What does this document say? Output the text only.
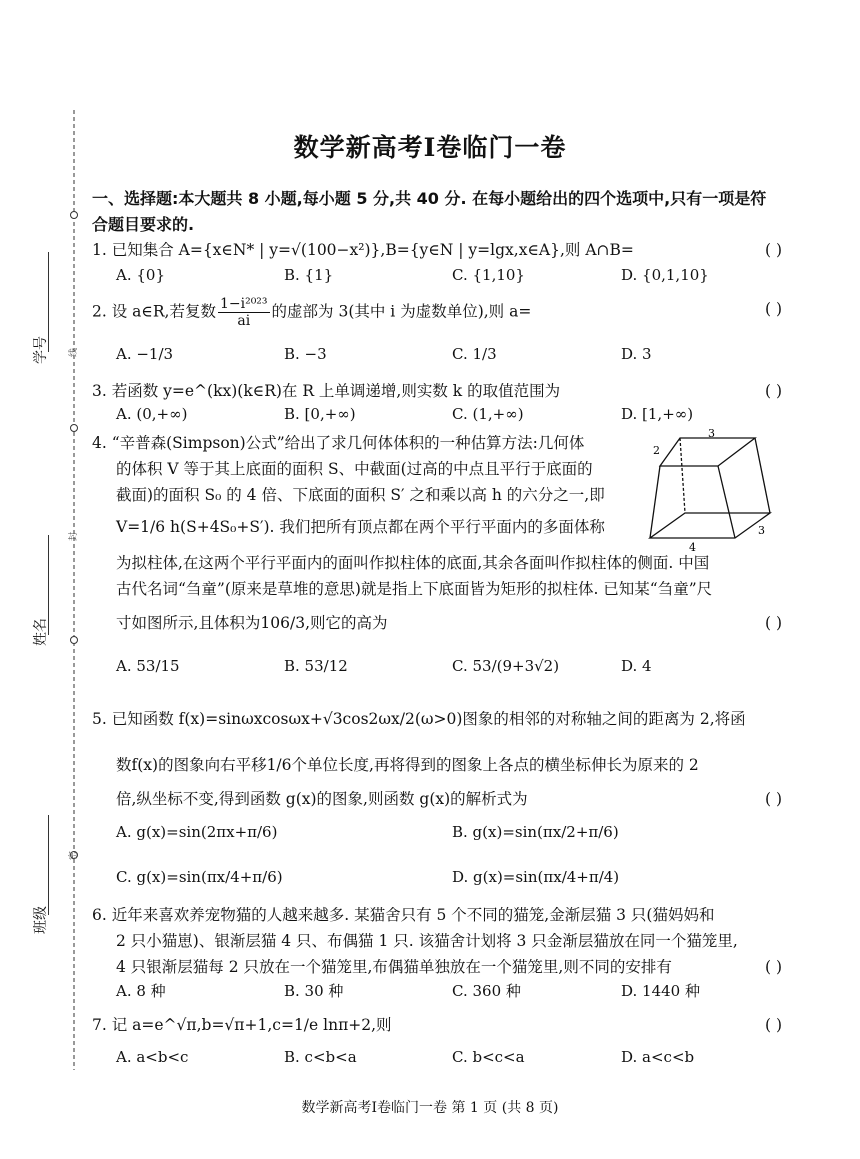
学号
姓名
班级
线
封
密
数学新高考Ⅰ卷临门一卷
一、选择题:本大题共 8 小题,每小题 5 分,共 40 分. 在每小题给出的四个选项中,只有一项是符合题目要求的.
1. 已知集合 A={x∈N* | y=√(100−x²)},B={y∈N | y=lgx,x∈A},则 A∩B=	( )
A. {0}	B. {1}	C. {1,10}	D. {0,1,10}
2. 设 a∈R,若复数 $\frac{\text{1−i²⁰²³}}{ai}$ 的虚部为 3(其中 i 为虚数单位),则 a=	( )
A. −1/3	B. −3	C. 1/3	D. 3
3. 若函数 y=e^(kx)(k∈R)在 R 上单调递增,则实数 k 的取值范围为	( )
A. (0,+∞)	B. [0,+∞)	C. (1,+∞)	D. [1,+∞)
4. “辛普森(Simpson)公式”给出了求几何体体积的一种估算方法:几何体
的体积 V 等于其上底面的面积 S、中截面(过高的中点且平行于底面的
截面)的面积 S₀ 的 4 倍、下底面的面积 S′ 之和乘以高 h 的六分之一,即
V=1/6 h(S+4S₀+S′). 我们把所有顶点都在两个平行平面内的多面体称
为拟柱体,在这两个平行平面内的面叫作拟柱体的底面,其余各面叫作拟柱体的侧面. 中国
古代名词“刍童”(原来是草堆的意思)就是指上下底面皆为矩形的拟柱体. 已知某“刍童”尺
寸如图所示,且体积为106/3,则它的高为	( )
3
2
4
3
A. 53/15	B. 53/12	C. 53/(9+3√2)	D. 4
5. 已知函数 f(x)=sinωxcosωx+√3cos2ωx/2(ω>0)图象的相邻的对称轴之间的距离为 2,将函
数f(x)的图象向右平移1/6个单位长度,再将得到的图象上各点的横坐标伸长为原来的 2
倍,纵坐标不变,得到函数 g(x)的图象,则函数 g(x)的解析式为	( )
A. g(x)=sin(2πx+π/6)	B. g(x)=sin(πx/2+π/6)
C. g(x)=sin(πx/4+π/6)	D. g(x)=sin(πx/4+π/4)
6. 近年来喜欢养宠物猫的人越来越多. 某猫舍只有 5 个不同的猫笼,金渐层猫 3 只(猫妈妈和
2 只小猫崽)、银渐层猫 4 只、布偶猫 1 只. 该猫舍计划将 3 只金渐层猫放在同一个猫笼里,
4 只银渐层猫每 2 只放在一个猫笼里,布偶猫单独放在一个猫笼里,则不同的安排有	( )
A. 8 种	B. 30 种	C. 360 种	D. 1440 种
7. 记 a=e^√π,b=√π+1,c=1/e lnπ+2,则	( )
A. a<b<c	B. c<b<a	C. b<c<a	D. a<c<b
数学新高考Ⅰ卷临门一卷 第 1 页 (共 8 页)
